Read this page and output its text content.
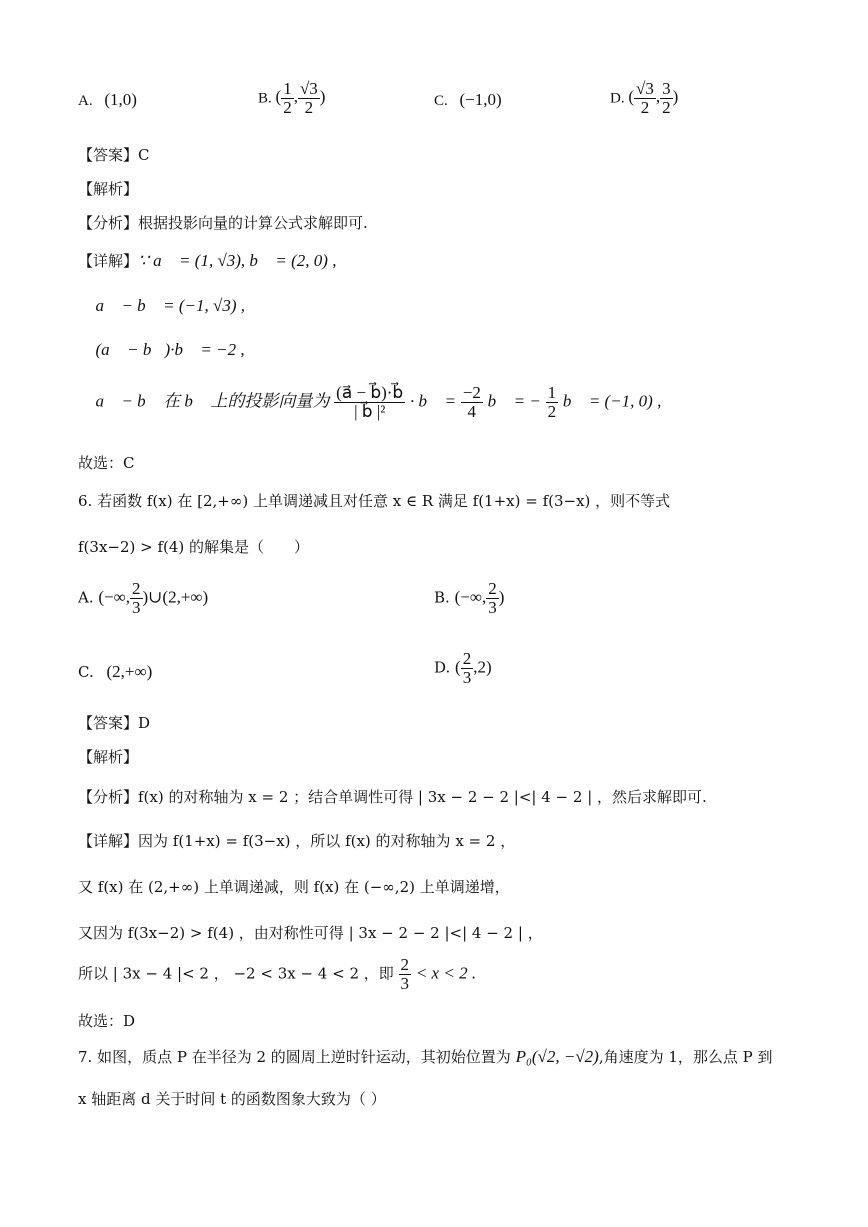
A. (1,0)	B. ( $\frac{1}{2}$ , $\frac{√3}{2}$ )	C. (−1,0)	D. ( $\frac{√3}{2}$ , $\frac{3}{2}$ )
【答案】C
【解析】
【分析】根据投影向量的计算公式求解即可.
【详解】∵ a⃗ = (1, √3), b⃗ = (2, 0) ,
∴ a⃗ − b⃗ = (−1, √3) ,
∴ (a⃗ − b⃗)·b⃗ = −2 ,
∴ a⃗ − b⃗ 在 b⃗ 上的投影向量为 $\frac{(a⃗ - b⃗)\cdot b⃗}{\text{| b⃗ |²}}$ · b⃗ = $\frac{-2}{4}$ b⃗ = − $\frac{1}{2}$ b⃗ = (−1, 0) ,
故选：C
6. 若函数 f(x) 在 [2,+∞) 上单调递减且对任意 x ∈ R 满足 f(1+x) = f(3−x) ，则不等式
f(3x−2) > f(4) 的解集是（　　）
A. (−∞, $\frac{2}{3}$ )∪(2,+∞)	B. (−∞, $\frac{2}{3}$ )
C. (2,+∞)	D. ( $\frac{2}{3} ,2$)
【答案】D
【解析】
【分析】f(x) 的对称轴为 x = 2 ；结合单调性可得 | 3x − 2 − 2 |<| 4 − 2 | ，然后求解即可.
【详解】因为 f(1+x) = f(3−x) ，所以 f(x) 的对称轴为 x = 2 ，
又 f(x) 在 (2,+∞) 上单调递减，则 f(x) 在 (−∞,2) 上单调递增，
又因为 f(3x−2) > f(4) ，由对称性可得 | 3x − 2 − 2 |<| 4 − 2 | ，
所以 | 3x − 4 |< 2 ， −2 < 3x − 4 < 2 ，即 $\frac{2}{3} < x < 2$ .
故选：D
7. 如图，质点 P 在半径为 2 的圆周上逆时针运动，其初始位置为 P₀(√2, −√2),角速度为 1，那么点 P 到
x 轴距离 d 关于时间 t 的函数图象大致为（ ）
